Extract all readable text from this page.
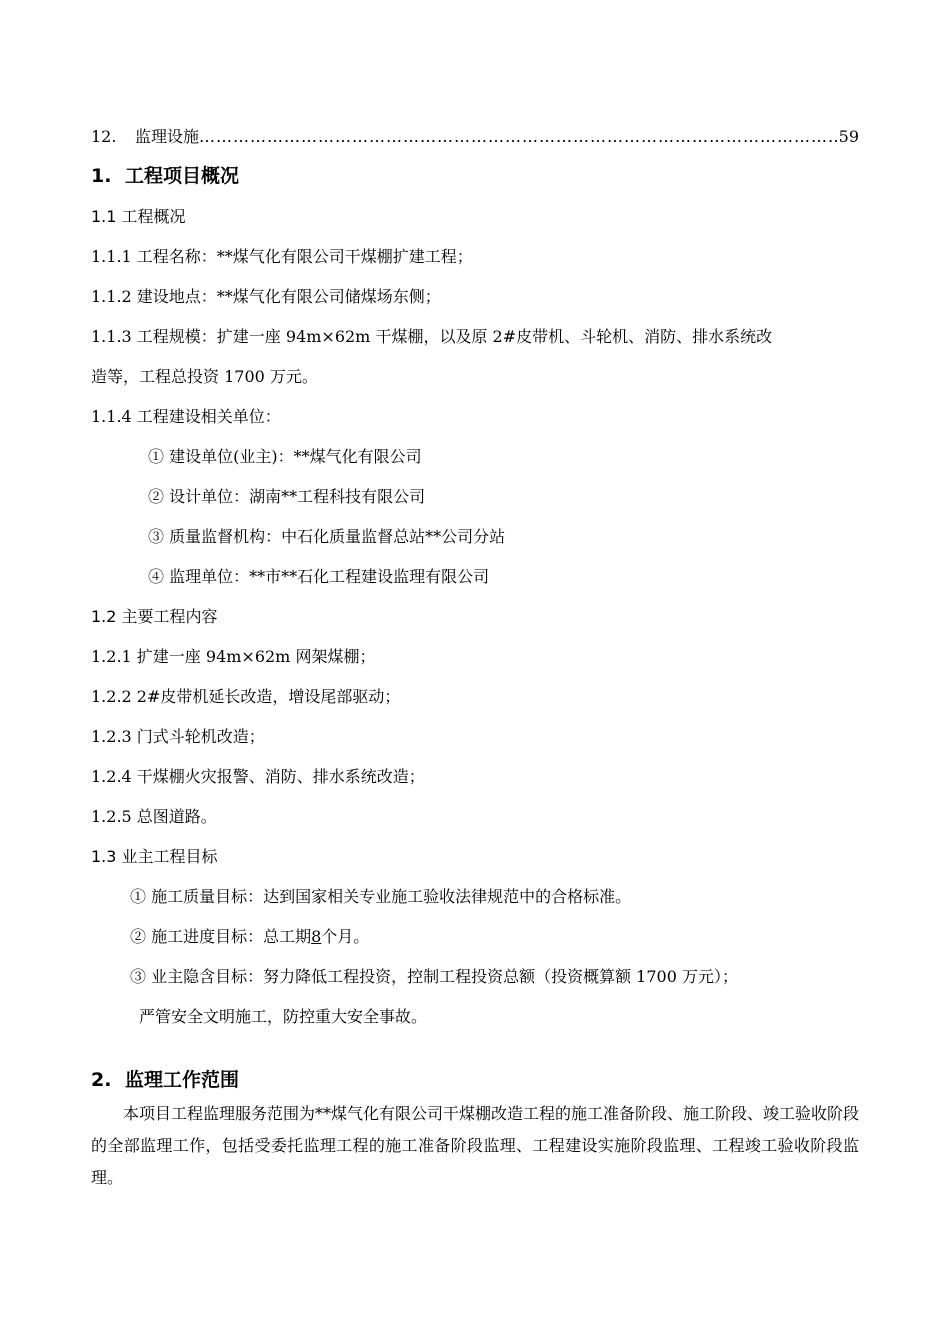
12.	监理设施
……………………………………………………………………………………………………………………………………………	59
1. 工程项目概况
1.1 工程概况
1.1.1 工程名称：**煤气化有限公司干煤棚扩建工程；
1.1.2 建设地点：**煤气化有限公司储煤场东侧；
1.1.3 工程规模：扩建一座 94m×62m 干煤棚，以及原 2#皮带机、斗轮机、消防、排水系统改
造等，工程总投资 1700 万元。
1.1.4 工程建设相关单位：
① 建设单位(业主)：**煤气化有限公司
② 设计单位：湖南**工程科技有限公司
③ 质量监督机构：中石化质量监督总站**公司分站
④ 监理单位：**市**石化工程建设监理有限公司
1.2 主要工程内容
1.2.1 扩建一座 94m×62m 网架煤棚；
1.2.2 2#皮带机延长改造，增设尾部驱动；
1.2.3 门式斗轮机改造；
1.2.4 干煤棚火灾报警、消防、排水系统改造；
1.2.5 总图道路。
1.3 业主工程目标
① 施工质量目标：达到国家相关专业施工验收法律规范中的合格标准。
② 施工进度目标：总工期8个月。
③ 业主隐含目标：努力降低工程投资，控制工程投资总额（投资概算额 1700 万元）；
严管安全文明施工，防控重大安全事故。
2. 监理工作范围
本项目工程监理服务范围为**煤气化有限公司干煤棚改造工程的施工准备阶段、施工阶段、竣工验收阶段的全部监理工作，包括受委托监理工程的施工准备阶段监理、工程建设实施阶段监理、工程竣工验收阶段监理。
